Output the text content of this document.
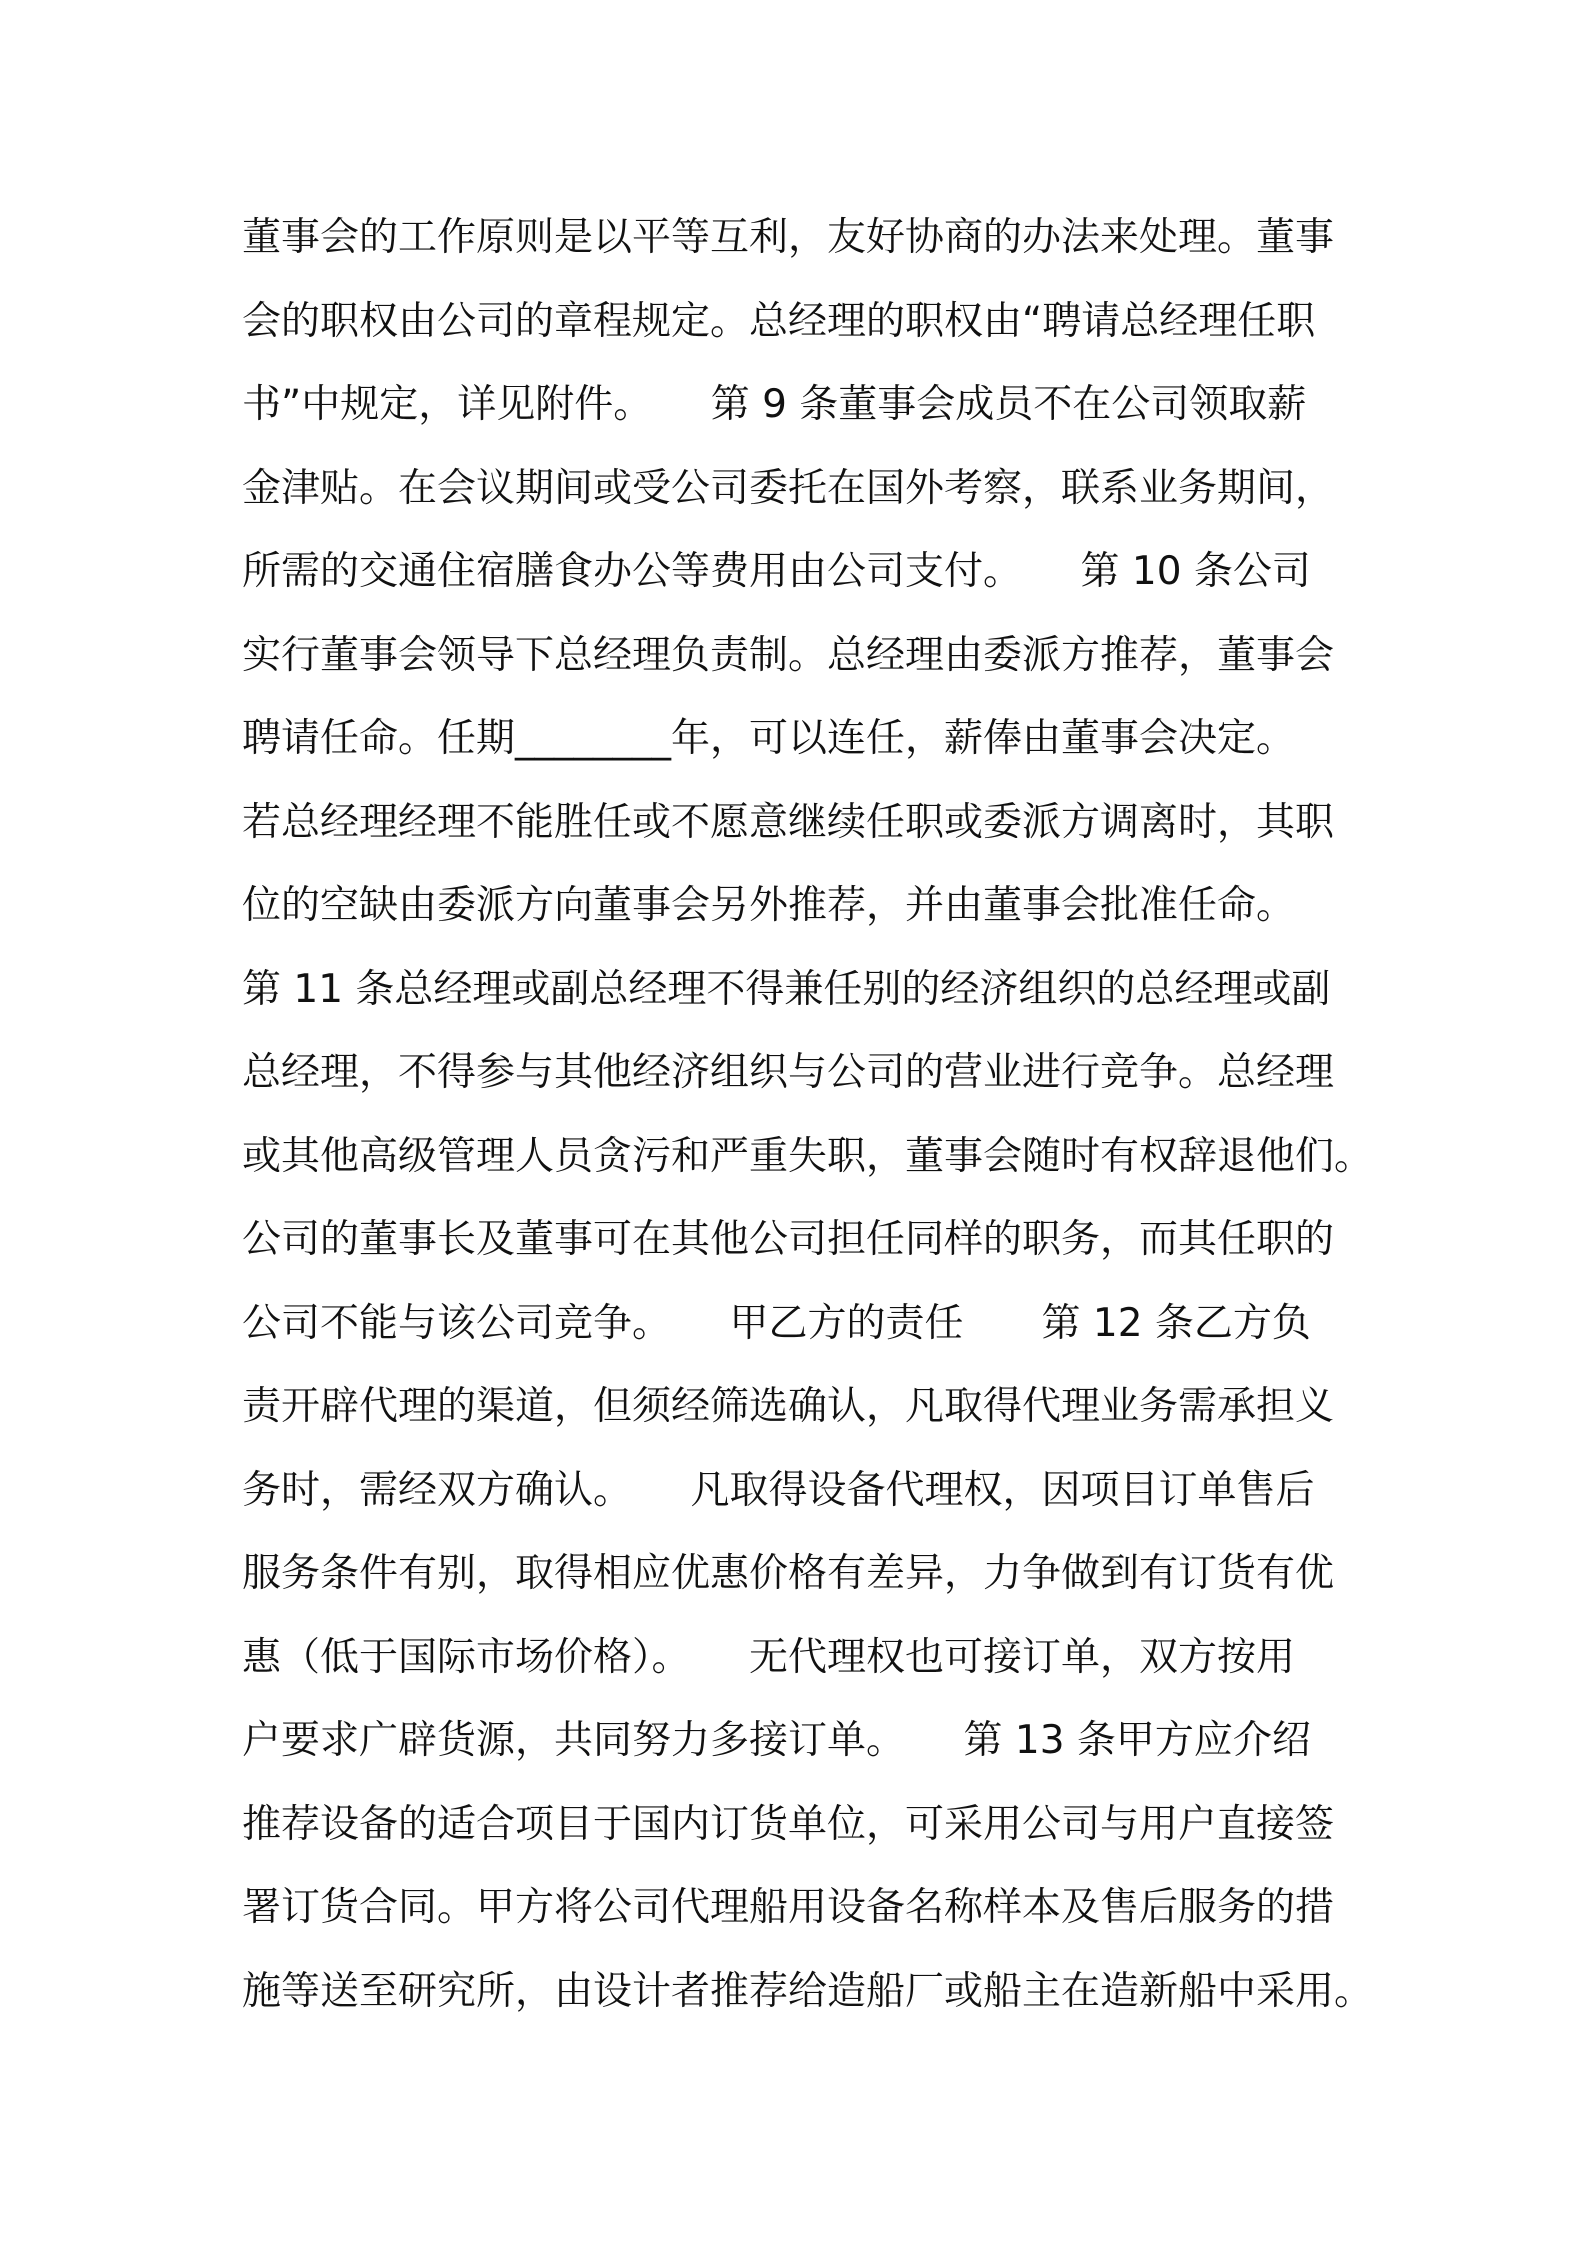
董事会的工作原则是以平等互利，友好协商的办法来处理。董事
会的职权由公司的章程规定。总经理的职权由“聘请总经理任职
书”中规定，详见附件。　　第 9 条董事会成员不在公司领取薪
金津贴。在会议期间或受公司委托在国外考察，联系业务期间，
所需的交通住宿膳食办公等费用由公司支付。　　第 10 条公司
实行董事会领导下总经理负责制。总经理由委派方推荐，董事会
聘请任命。任期________年，可以连任，薪俸由董事会决定。
若总经理经理不能胜任或不愿意继续任职或委派方调离时，其职
位的空缺由委派方向董事会另外推荐，并由董事会批准任命。
第 11 条总经理或副总经理不得兼任别的经济组织的总经理或副
总经理，不得参与其他经济组织与公司的营业进行竞争。总经理
或其他高级管理人员贪污和严重失职，董事会随时有权辞退他们。
公司的董事长及董事可在其他公司担任同样的职务，而其任职的
公司不能与该公司竞争。　　甲乙方的责任　　第 12 条乙方负
责开辟代理的渠道，但须经筛选确认，凡取得代理业务需承担义
务时，需经双方确认。　　凡取得设备代理权，因项目订单售后
服务条件有别，取得相应优惠价格有差异，力争做到有订货有优
惠（低于国际市场价格）。　　无代理权也可接订单，双方按用
户要求广辟货源，共同努力多接订单。　　第 13 条甲方应介绍
推荐设备的适合项目于国内订货单位，可采用公司与用户直接签
署订货合同。甲方将公司代理船用设备名称样本及售后服务的措
施等送至研究所，由设计者推荐给造船厂或船主在造新船中采用。
